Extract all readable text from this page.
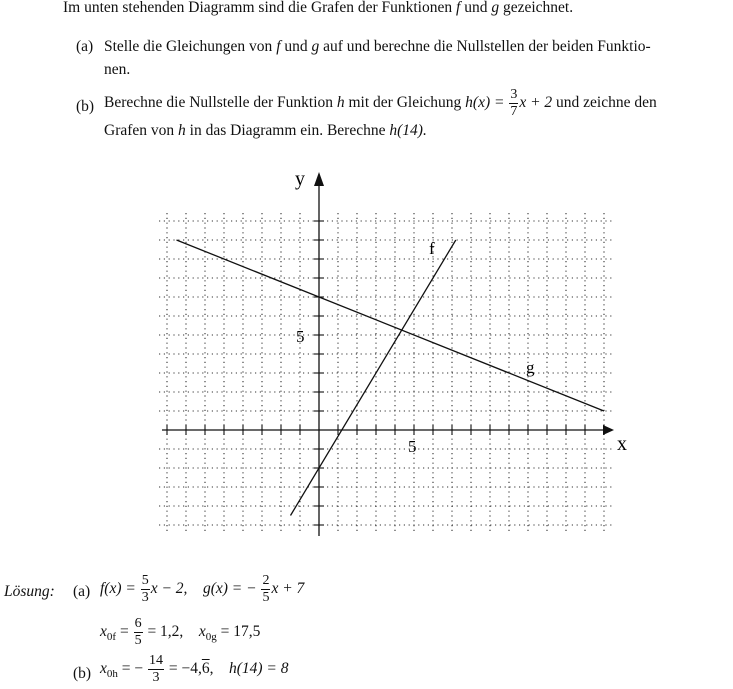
Im unten stehenden Diagramm sind die Grafen der Funktionen f und g gezeichnet.
(a) Stelle die Gleichungen von f und g auf und berechne die Nullstellen der beiden Funktio-
nen.
(b) Berechne die Nullstelle der Funktion h mit der Gleichung $h(x) = \frac{3}{7}$ x + 2 und zeichne den
Grafen von h in das Diagramm ein. Berechne h(14).
x
y
5
5
f
g
Lösung: (a) $f(x) = \frac{5}{3}$ x − 2, g(x) = − $\frac{2}{5}$ x + 7
$x_{0f} = \frac{6}{5} = 1,2$, $x_{0g} = 17,5$
(b) $x_{0h}$ = − $\frac{14}{3} = -4,6$,    h(14) = 8
